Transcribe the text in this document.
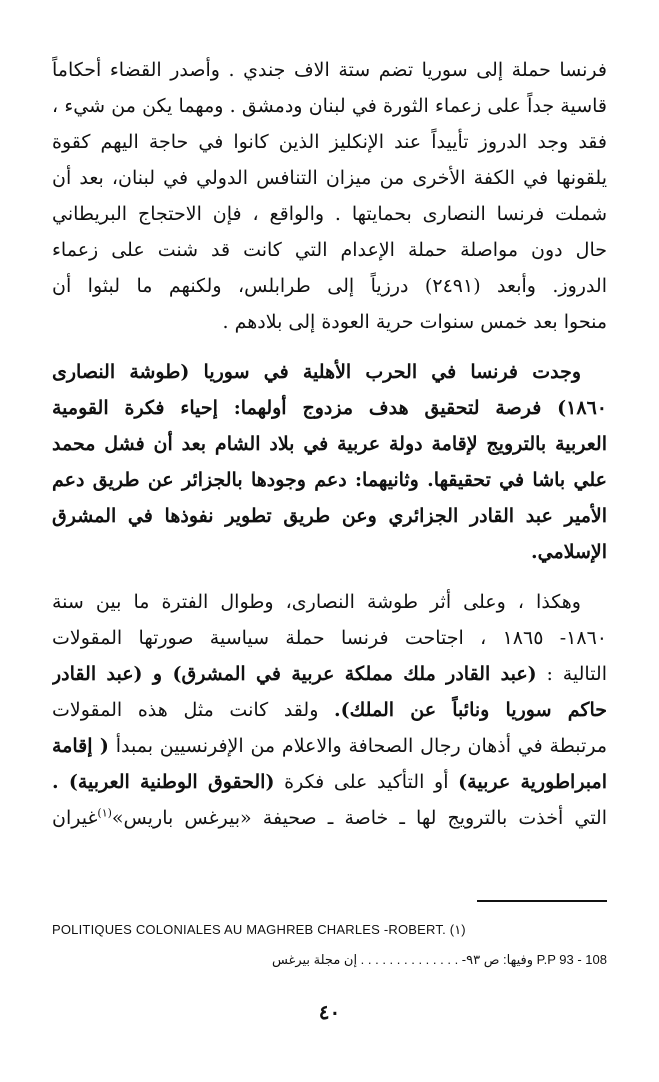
فرنسا حملة إلى سوريا تضم ستة الاف جندي . وأصدر القضاء أحكاماً
قاسية جداً على زعماء الثورة في لبنان ودمشق . ومهما يكن من شيء ،
فقد وجد الدروز تأييداً عند الإنكليز الذين كانوا في حاجة اليهم كقوة
يلقونها في الكفة الأخرى من ميزان التنافس الدولي في لبنان، بعد أن
شملت فرنسا النصارى بحمايتها . والواقع ، فإن الاحتجاج البريطاني
حال دون مواصلة حملة الإعدام التي كانت قد شنت على زعماء
الدروز. وأبعد (٢٤٩١) درزياً إلى طرابلس، ولكنهم ما لبثوا أن
منحوا بعد خمس سنوات حرية العودة إلى بلادهم .

وجدت فرنسا في الحرب الأهلية في سوريا (طوشة النصارى
١٨٦٠) فرصة لتحقيق هدف مزدوج أولهما: إحياء فكرة القومية
العربية بالترويج لإقامة دولة عربية في بلاد الشام بعد أن فشل محمد
علي باشا في تحقيقها. وثانيهما: دعم وجودها بالجزائر عن طريق دعم
الأمير عبد القادر الجزائري وعن طريق تطوير نفوذها في المشرق
الإسلامي.

وهكذا ، وعلى أثر طوشة النصارى، وطوال الفترة ما بين سنة
١٨٦٠- ١٨٦٥ ، اجتاحت فرنسا حملة سياسية صورتها المقولات
التالية : (عبد القادر ملك مملكة عربية في المشرق) و (عبد القادر
حاكم سوريا ونائباً عن الملك). ولقد كانت مثل هذه المقولات
مرتبطة في أذهان رجال الصحافة والاعلام من الإفرنسيين بمبدأ ( إقامة
امبراطورية عربية) أو التأكيد على فكرة (الحقوق الوطنية العربية) .
التي أخذت بالترويج لها ـ خاصة ـ صحيفة «بيرغس باريس»$^{(١)}$غيران

POLITIQUES COLONIALES AU MAGHREB CHARLES -ROBERT. (١)
P.P 93 - 108 وفيها: ص ٩٣- . . . . . . . . . . . . . . إن مجلة بيرغس
٤٠
